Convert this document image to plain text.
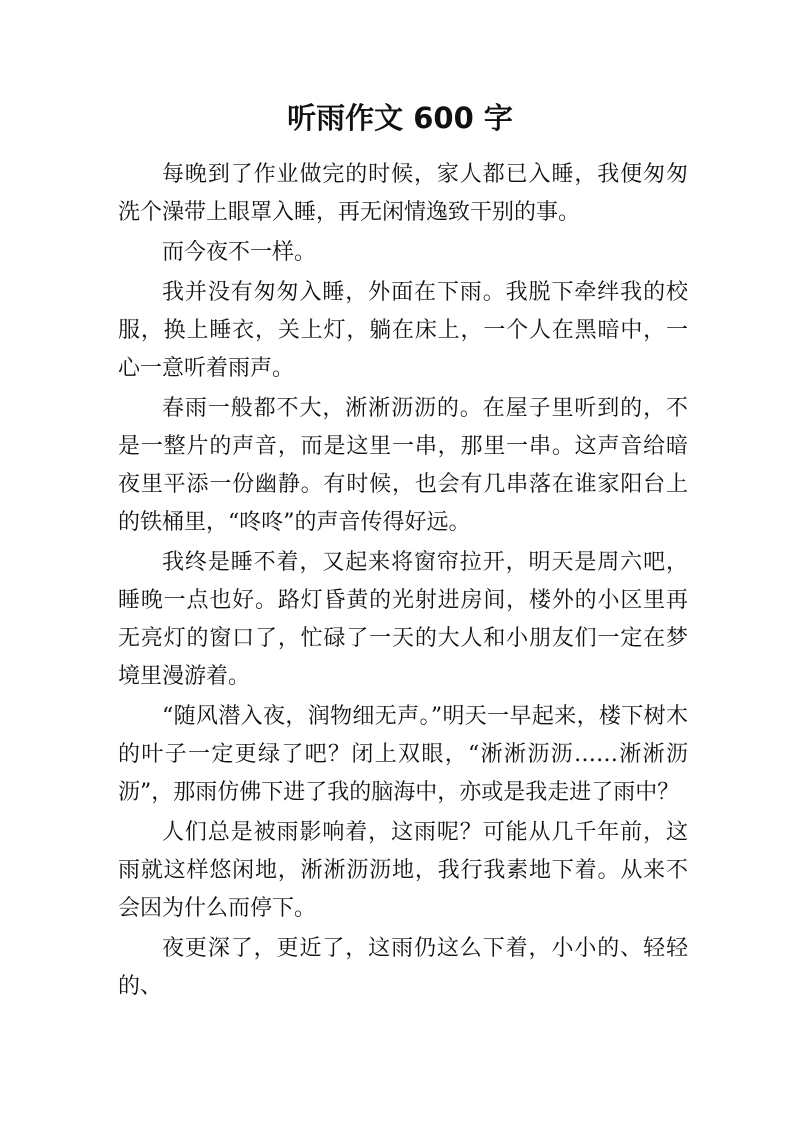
听雨作文 600 字

每晚到了作业做完的时候，家人都已入睡，我便匆匆洗个澡带上眼罩入睡，再无闲情逸致干别的事。

而今夜不一样。

我并没有匆匆入睡，外面在下雨。我脱下牵绊我的校服，换上睡衣，关上灯，躺在床上，一个人在黑暗中，一心一意听着雨声。

春雨一般都不大，淅淅沥沥的。在屋子里听到的，不是一整片的声音，而是这里一串，那里一串。这声音给暗夜里平添一份幽静。有时候，也会有几串落在谁家阳台上的铁桶里，“咚咚”的声音传得好远。

我终是睡不着，又起来将窗帘拉开，明天是周六吧，睡晚一点也好。路灯昏黄的光射进房间，楼外的小区里再无亮灯的窗口了，忙碌了一天的大人和小朋友们一定在梦境里漫游着。

“随风潜入夜，润物细无声。”明天一早起来，楼下树木的叶子一定更绿了吧？闭上双眼，“淅淅沥沥……淅淅沥沥”，那雨仿佛下进了我的脑海中，亦或是我走进了雨中？

人们总是被雨影响着，这雨呢？可能从几千年前，这雨就这样悠闲地，淅淅沥沥地，我行我素地下着。从来不会因为什么而停下。

夜更深了，更近了，这雨仍这么下着，小小的、轻轻的、
